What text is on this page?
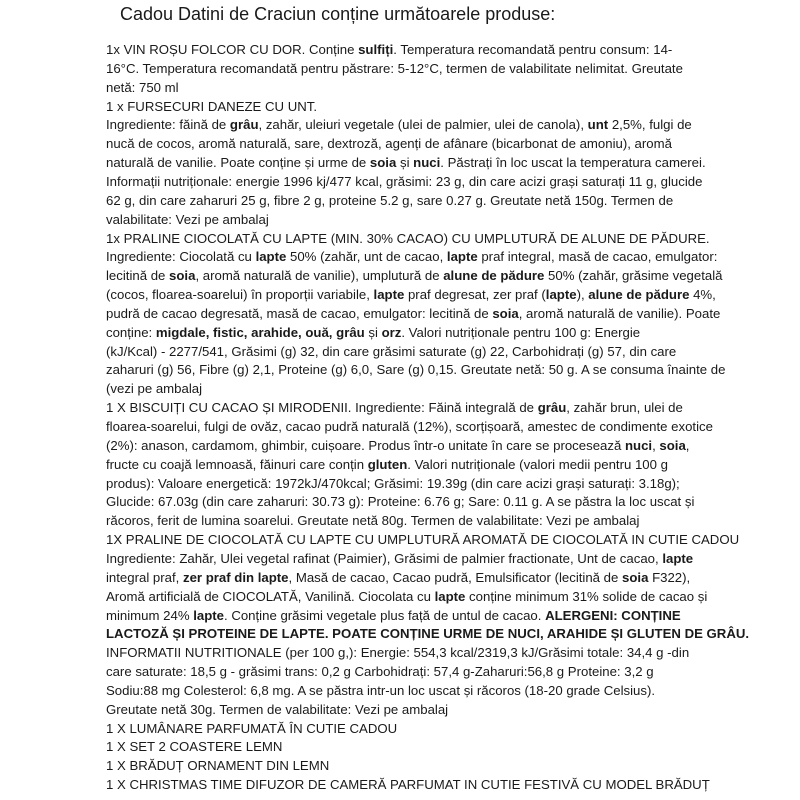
Cadou Datini de Craciun conține următoarele produse:
1x VIN ROȘU FOLCOR CU DOR. Conține sulfiți. Temperatura recomandată pentru consum: 14-
16°C. Temperatura recomandată pentru păstrare: 5-12°C, termen de valabilitate nelimitat. Greutate
netă: 750 ml
1 x FURSECURI DANEZE CU UNT.
Ingrediente: făină de grâu, zahăr, uleiuri vegetale (ulei de palmier, ulei de canola), unt 2,5%, fulgi de
nucă de cocos, aromă naturală, sare, dextroză, agenți de afânare (bicarbonat de amoniu), aromă
naturală de vanilie. Poate conține și urme de soia și nuci. Păstrați în loc uscat la temperatura camerei.
Informații nutriționale: energie 1996 kj/477 kcal, grăsimi: 23 g, din care acizi grași saturați 11 g, glucide
62 g, din care zaharuri 25 g, fibre 2 g, proteine 5.2 g, sare 0.27 g. Greutate netă 150g. Termen de
valabilitate: Vezi pe ambalaj
1x PRALINE CIOCOLATĂ CU LAPTE (MIN. 30% CACAO) CU UMPLUTURĂ DE ALUNE DE PĂDURE.
Ingrediente: Ciocolată cu lapte 50% (zahăr, unt de cacao, lapte praf integral, masă de cacao, emulgator:
lecitină de soia, aromă naturală de vanilie), umplutură de alune de pădure 50% (zahăr, grăsime vegetală
(cocos, floarea-soarelui) în proporții variabile, lapte praf degresat, zer praf (lapte), alune de pădure 4%,
pudră de cacao degresată, masă de cacao, emulgator: lecitină de soia, aromă naturală de vanilie). Poate
conține: migdale, fistic, arahide, ouă, grâu și orz. Valori nutriționale pentru 100 g: Energie
(kJ/Kcal) - 2277/541, Grăsimi (g) 32, din care grăsimi saturate (g) 22, Carbohidrați (g) 57, din care
zaharuri (g) 56, Fibre (g) 2,1, Proteine (g) 6,0, Sare (g) 0,15. Greutate netă: 50 g. A se consuma înainte de
(vezi pe ambalaj
1 X BISCUIȚI CU CACAO ȘI MIRODENII. Ingrediente: Făină integrală de grâu, zahăr brun, ulei de
floarea-soarelui, fulgi de ovăz, cacao pudră naturală (12%), scorțișoară, amestec de condimente exotice
(2%): anason, cardamom, ghimbir, cuișoare. Produs într-o unitate în care se procesează nuci, soia,
fructe cu coajă lemnoasă, făinuri care conțin gluten. Valori nutriționale (valori medii pentru 100 g
produs): Valoare energetică: 1972kJ/470kcal; Grăsimi: 19.39g (din care acizi grași saturați: 3.18g);
Glucide: 67.03g (din care zaharuri: 30.73 g): Proteine: 6.76 g; Sare: 0.11 g. A se păstra la loc uscat și
răcoros, ferit de lumina soarelui. Greutate netă 80g. Termen de valabilitate: Vezi pe ambalaj
1X PRALINE DE CIOCOLATĂ CU LAPTE CU UMPLUTURĂ AROMATĂ DE CIOCOLATĂ IN CUTIE CADOU
Ingrediente: Zahăr, Ulei vegetal rafinat (Paimier), Grăsimi de palmier fractionate, Unt de cacao, lapte
integral praf, zer praf din lapte, Masă de cacao, Cacao pudră, Emulsificator (lecitină de soia F322),
Aromă artificială de CIOCOLATĂ, Vanilină. Ciocolata cu lapte conține minimum 31% solide de cacao și
minimum 24% lapte. Conține grăsimi vegetale plus față de untul de cacao. ALERGENI: CONȚINE
LACTOZĂ ȘI PROTEINE DE LAPTE. POATE CONȚINE URME DE NUCI, ARAHIDE ȘI GLUTEN DE GRÂU.
INFORMATII NUTRITIONALE (per 100 g,): Energie: 554,3 kcal/2319,3 kJ/Grăsimi totale: 34,4 g -din
care saturate: 18,5 g - grăsimi trans: 0,2 g Carbohidrați: 57,4 g-Zaharuri:56,8 g Proteine: 3,2 g
Sodiu:88 mg Colesterol: 6,8 mg. A se păstra intr-un loc uscat și răcoros (18-20 grade Celsius).
Greutate netă 30g. Termen de valabilitate: Vezi pe ambalaj
1 X LUMÂNARE PARFUMATĂ ÎN CUTIE CADOU
1 X SET 2 COASTERE LEMN
1 X BRĂDUȚ ORNAMENT DIN LEMN
1 X CHRISTMAS TIME DIFUZOR DE CAMERĂ PARFUMAT IN CUTIE FESTIVĂ CU MODEL BRĂDUȚ
